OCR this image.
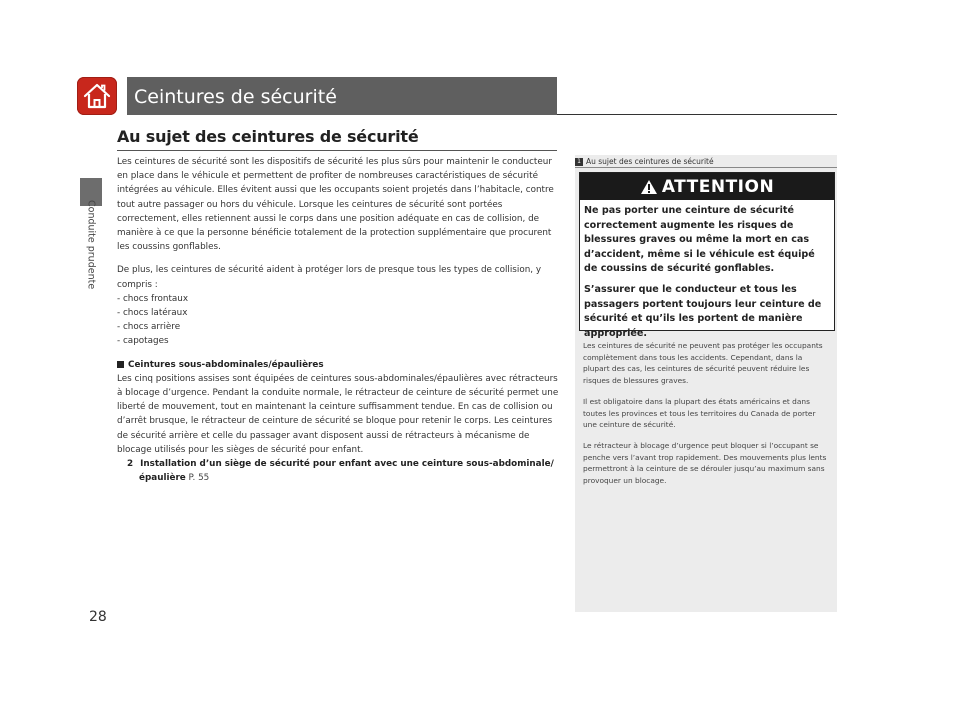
Conduite prudente
28
Ceintures de sécurité
Au sujet des ceintures de sécurité

Les ceintures de sécurité sont les dispositifs de sécurité les plus sûrs pour maintenir le conducteur en place dans le véhicule et permettent de profiter de nombreuses caractéristiques de sécurité intégrées au véhicule. Elles évitent aussi que les occupants soient projetés dans l’habitacle, contre tout autre passager ou hors du véhicule. Lorsque les ceintures de sécurité sont portées correctement, elles retiennent aussi le corps dans une position adéquate en cas de collision, de manière à ce que la personne bénéficie totalement de la protection supplémentaire que procurent les coussins gonflables.

De plus, les ceintures de sécurité aident à protéger lors de presque tous les types de collision, y compris :

- chocs frontaux
- chocs latéraux
- chocs arrière
- capotages
Ceintures sous-abdominales/épaulières

Les cinq positions assises sont équipées de ceintures sous-abdominales/épaulières avec rétracteurs à blocage d’urgence. Pendant la conduite normale, le rétracteur de ceinture de sécurité permet une liberté de mouvement, tout en maintenant la ceinture suffisamment tendue. En cas de collision ou d’arrêt brusque, le rétracteur de ceinture de sécurité se bloque pour retenir le corps. Les ceintures de sécurité arrière et celle du passager avant disposent aussi de rétracteurs à mécanisme de blocage utilisés pour les sièges de sécurité pour enfant.

2 Installation d’un siège de sécurité pour enfant avec une ceinture sous-abdominale/épaulière P. 55

1 Au sujet des ceintures de sécurité
ATTENTION

Ne pas porter une ceinture de sécurité correctement augmente les risques de blessures graves ou même la mort en cas d’accident, même si le véhicule est équipé de coussins de sécurité gonflables.

S’assurer que le conducteur et tous les passagers portent toujours leur ceinture de sécurité et qu’ils les portent de manière appropriée.

Les ceintures de sécurité ne peuvent pas protéger les occupants complètement dans tous les accidents. Cependant, dans la plupart des cas, les ceintures de sécurité peuvent réduire les risques de blessures graves.

Il est obligatoire dans la plupart des états américains et dans toutes les provinces et tous les territoires du Canada de porter une ceinture de sécurité.

Le rétracteur à blocage d’urgence peut bloquer si l’occupant se penche vers l’avant trop rapidement. Des mouvements plus lents permettront à la ceinture de se dérouler jusqu’au maximum sans provoquer un blocage.
